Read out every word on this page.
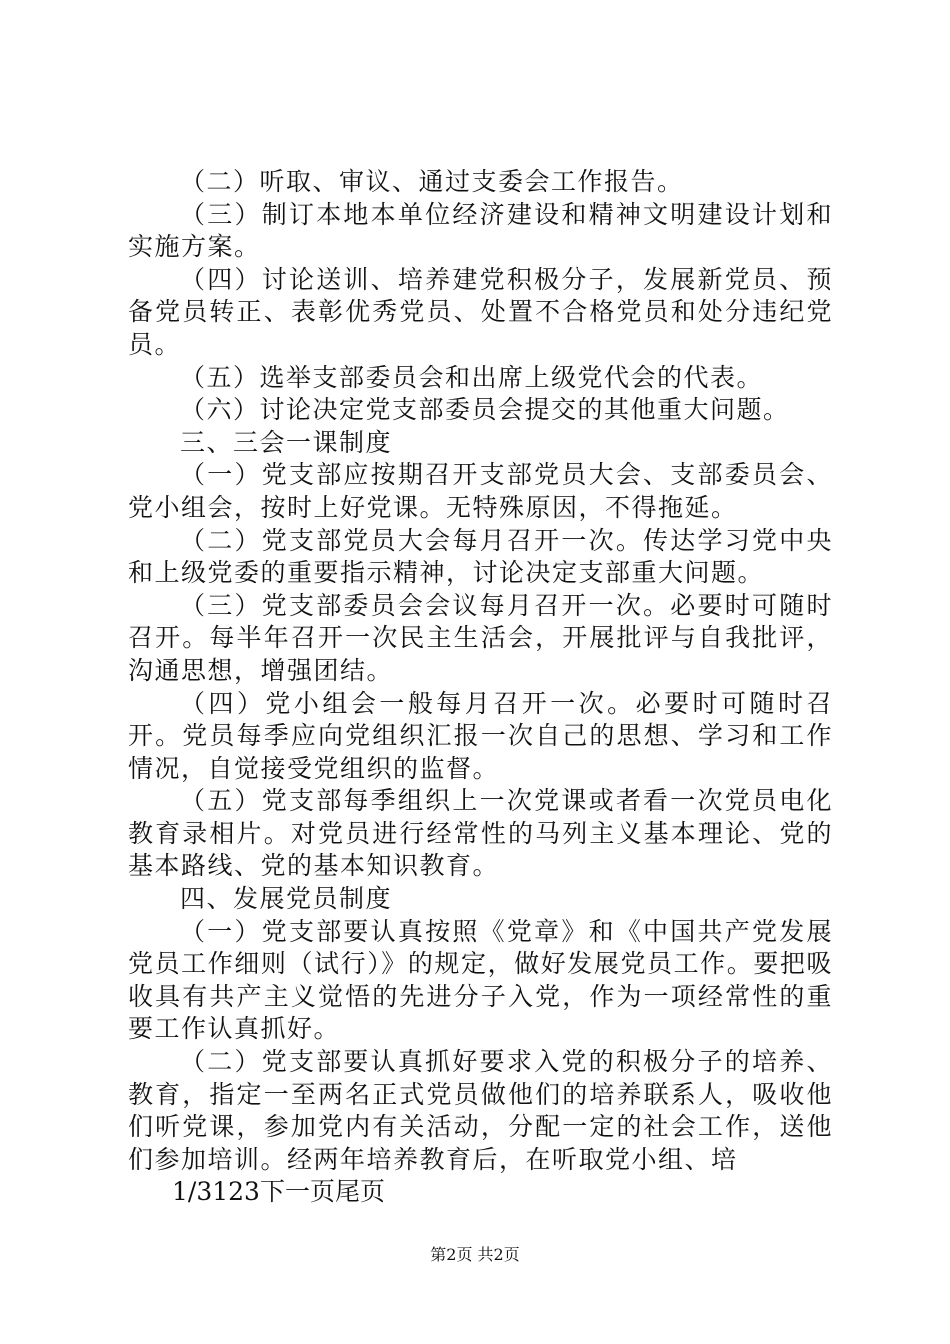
（二）听取、审议、通过支委会工作报告。

（三）制订本地本单位经济建设和精神文明建设计划和实施方案。

（四）讨论送训、培养建党积极分子，发展新党员、预备党员转正、表彰优秀党员、处置不合格党员和处分违纪党员。

（五）选举支部委员会和出席上级党代会的代表。

（六）讨论决定党支部委员会提交的其他重大问题。

三、三会一课制度

（一）党支部应按期召开支部党员大会、支部委员会、党小组会，按时上好党课。无特殊原因，不得拖延。

（二）党支部党员大会每月召开一次。传达学习党中央和上级党委的重要指示精神，讨论决定支部重大问题。

（三）党支部委员会会议每月召开一次。必要时可随时召开。每半年召开一次民主生活会，开展批评与自我批评，沟通思想，增强团结。

（四）党小组会一般每月召开一次。必要时可随时召开。党员每季应向党组织汇报一次自己的思想、学习和工作情况，自觉接受党组织的监督。

（五）党支部每季组织上一次党课或者看一次党员电化教育录相片。对党员进行经常性的马列主义基本理论、党的基本路线、党的基本知识教育。

四、发展党员制度

（一）党支部要认真按照《党章》和《中国共产党发展党员工作细则（试行）》的规定，做好发展党员工作。要把吸收具有共产主义觉悟的先进分子入党，作为一项经常性的重要工作认真抓好。

（二）党支部要认真抓好要求入党的积极分子的培养、教育，指定一至两名正式党员做他们的培养联系人，吸收他们听党课，参加党内有关活动，分配一定的社会工作，送他们参加培训。经两年培养教育后，在听取党小组、培

1/3123下一页尾页

第2页 共2页
